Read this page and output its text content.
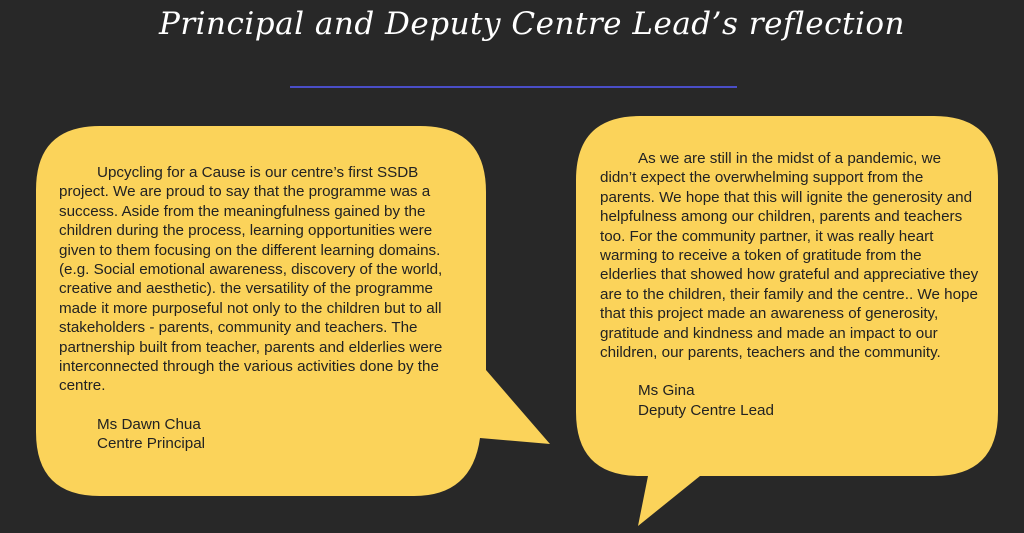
Principal and Deputy Centre Lead’s reflection

Upcycling for a Cause is our centre’s first SSDB project. We are proud to say that the programme was a success. Aside from the meaningfulness gained by the children during the process, learning opportunities were given to them focusing on the different learning domains. (e.g. Social emotional awareness, discovery of the world, creative and aesthetic). the versatility of the programme made it more purposeful not only to the children but to all stakeholders - parents, community and teachers. The partnership built from teacher, parents and elderlies were interconnected through the various activities done by the centre.

Ms Dawn Chua

Centre Principal

As we are still in the midst of a pandemic, we didn’t expect the overwhelming support from the parents. We hope that this will ignite the generosity and helpfulness among our children, parents and teachers too. For the community partner, it was really heart warming to receive a token of gratitude from the elderlies that showed how grateful and appreciative they are to the children, their family and the centre.. We hope that this project made an awareness of generosity, gratitude and kindness and made an impact to our children, our parents, teachers and the community.

Ms Gina

Deputy Centre Lead
